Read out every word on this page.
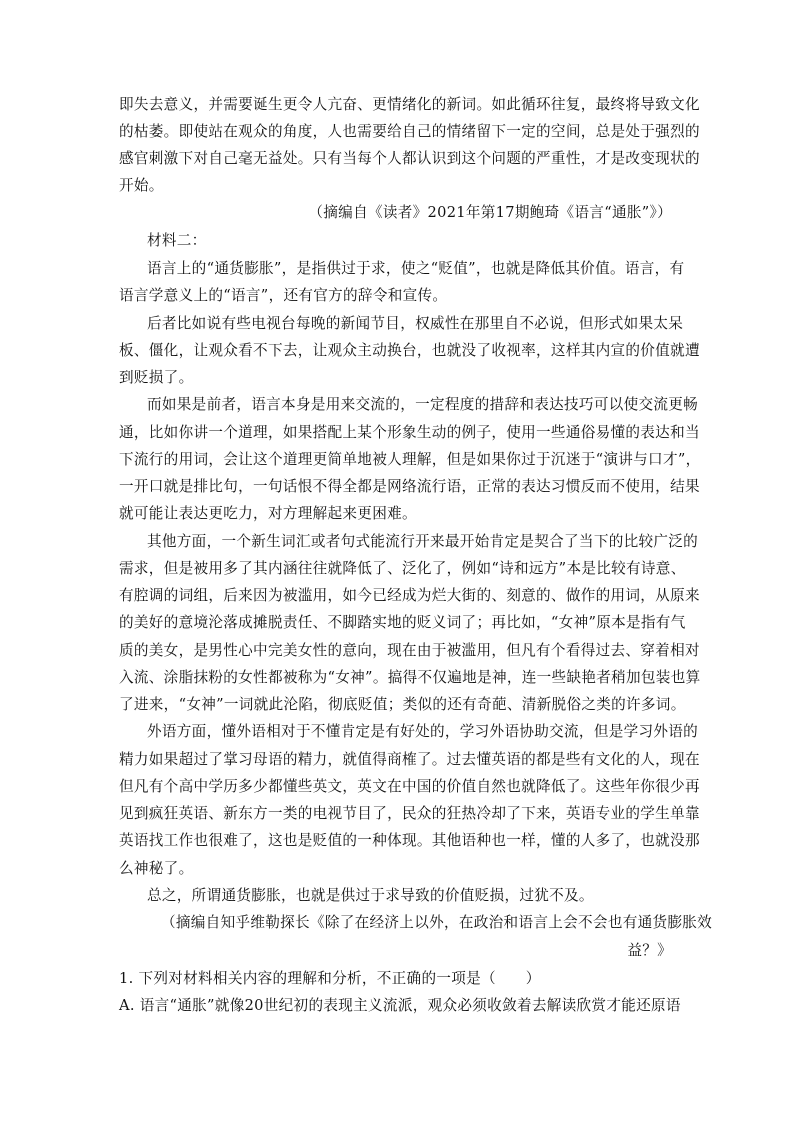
即失去意义，并需要诞生更令人亢奋、更情绪化的新词。如此循环往复，最终将导致文化
的枯萎。即使站在观众的角度，人也需要给自己的情绪留下一定的空间，总是处于强烈的
感官刺激下对自己毫无益处。只有当每个人都认识到这个问题的严重性，才是改变现状的
开始。
（摘编自《读者》2021年第17期鲍琦《语言“通胀”》）
材料二：
语言上的“通货膨胀”，是指供过于求，使之“贬值”，也就是降低其价值。语言，有
语言学意义上的“语言”，还有官方的辞令和宣传。
后者比如说有些电视台每晚的新闻节目，权威性在那里自不必说，但形式如果太呆
板、僵化，让观众看不下去，让观众主动换台，也就没了收视率，这样其内宣的价值就遭
到贬损了。
而如果是前者，语言本身是用来交流的，一定程度的措辞和表达技巧可以使交流更畅
通，比如你讲一个道理，如果搭配上某个形象生动的例子，使用一些通俗易懂的表达和当
下流行的用词，会让这个道理更简单地被人理解，但是如果你过于沉迷于“演讲与口才”，
一开口就是排比句，一句话恨不得全都是网络流行语，正常的表达习惯反而不使用，结果
就可能让表达更吃力，对方理解起来更困难。
其他方面，一个新生词汇或者句式能流行开来最开始肯定是契合了当下的比较广泛的
需求，但是被用多了其内涵往往就降低了、泛化了，例如“诗和远方”本是比较有诗意、
有腔调的词组，后来因为被滥用，如今已经成为烂大街的、刻意的、做作的用词，从原来
的美好的意境沦落成摊脱责任、不脚踏实地的贬义词了；再比如，“女神”原本是指有气
质的美女，是男性心中完美女性的意向，现在由于被滥用，但凡有个看得过去、穿着相对
入流、涂脂抹粉的女性都被称为“女神”。搞得不仅遍地是神，连一些缺艳者稍加包装也算
了进来，“女神”一词就此沦陷，彻底贬值；类似的还有奇葩、清新脱俗之类的许多词。
外语方面，懂外语相对于不懂肯定是有好处的，学习外语协助交流，但是学习外语的
精力如果超过了掌习母语的精力，就值得商榷了。过去懂英语的都是些有文化的人，现在
但凡有个高中学历多少都懂些英文，英文在中国的价值自然也就降低了。这些年你很少再
见到疯狂英语、新东方一类的电视节目了，民众的狂热冷却了下来，英语专业的学生单靠
英语找工作也很难了，这也是贬值的一种体现。其他语种也一样，懂的人多了，也就没那
么神秘了。
总之，所谓通货膨胀，也就是供过于求导致的价值贬损，过犹不及。
（摘编自知乎维勒探长《除了在经济上以外，在政治和语言上会不会也有通货膨胀效
益？》
1. 下列对材料相关内容的理解和分析，不正确的一项是（　　）
A. 语言“通胀”就像20世纪初的表现主义流派，观众必须收敛着去解读欣赏才能还原语
